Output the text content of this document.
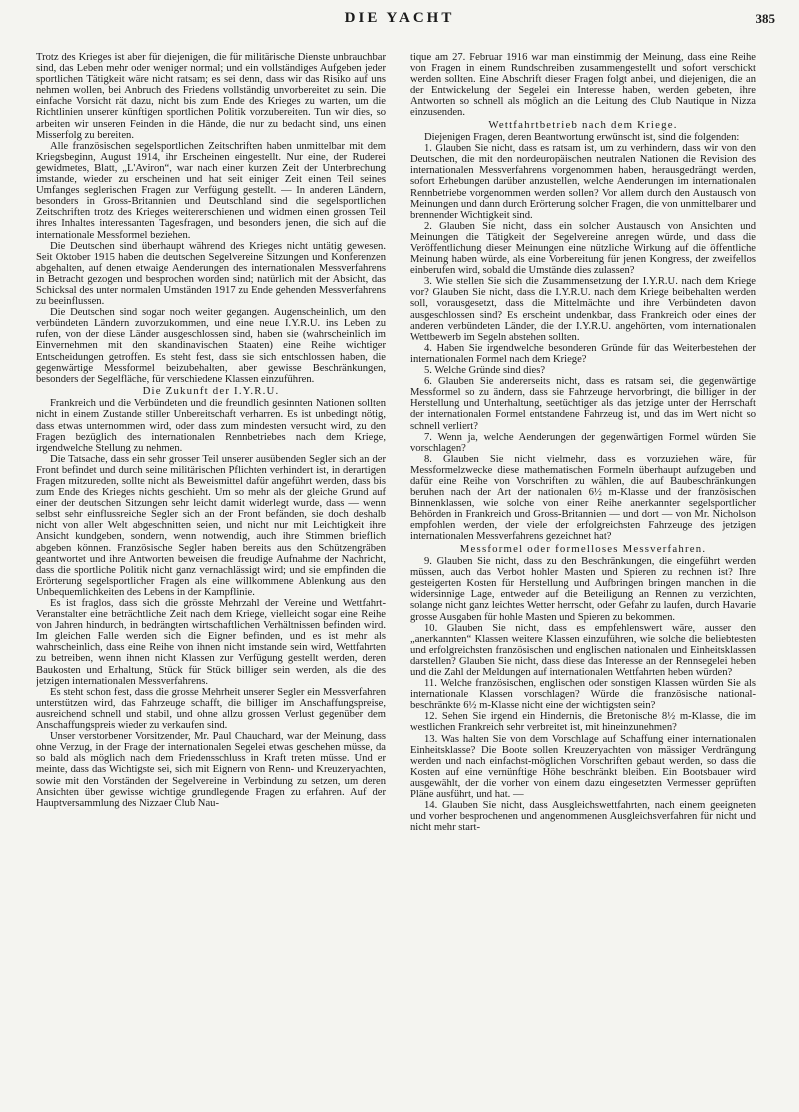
DIE YACHT	385

Trotz des Krieges ist aber für diejenigen, die für militärische Dienste unbrauchbar sind, das Leben mehr oder weniger normal; und ein vollständiges Aufgeben jeder sportlichen Tätigkeit wäre nicht ratsam; es sei denn, dass wir das Risiko auf uns nehmen wollen, bei Anbruch des Friedens vollständig unvorbereitet zu sein. Die einfache Vorsicht rät dazu, nicht bis zum Ende des Krieges zu warten, um die Richtlinien unserer künftigen sportlichen Politik vorzubereiten. Tun wir dies, so arbeiten wir unseren Feinden in die Hände, die nur zu bedacht sind, uns einen Misserfolg zu bereiten.

Alle französischen segelsportlichen Zeitschriften haben unmittelbar mit dem Kriegsbeginn, August 1914, ihr Erscheinen eingestellt. Nur eine, der Ruderei gewidmetes, Blatt, „L'Aviron“, war nach einer kurzen Zeit der Unterbrechung imstande, wieder zu erscheinen und hat seit einiger Zeit einen Teil seines Umfanges seglerischen Fragen zur Verfügung gestellt. — In anderen Ländern, besonders in Gross-Britannien und Deutschland sind die segelsportlichen Zeitschriften trotz des Krieges weitererschienen und widmen einen grossen Teil ihres Inhaltes interessanten Tagesfragen, und besonders jenen, die sich auf die internationale Messformel beziehen.

Die Deutschen sind überhaupt während des Krieges nicht untätig gewesen. Seit Oktober 1915 haben die deutschen Segelvereine Sitzungen und Konferenzen abgehalten, auf denen etwaige Aenderungen des internationalen Messverfahrens in Betracht gezogen und besprochen worden sind; natürlich mit der Absicht, das Schicksal des unter normalen Umständen 1917 zu Ende gehenden Messverfahrens zu beeinflussen.

Die Deutschen sind sogar noch weiter gegangen. Augenscheinlich, um den verbündeten Ländern zuvorzukommen, und eine neue I.Y.R.U. ins Leben zu rufen, von der diese Länder ausgeschlossen sind, haben sie (wahrscheinlich im Einvernehmen mit den skandinavischen Staaten) eine Reihe wichtiger Entscheidungen getroffen. Es steht fest, dass sie sich entschlossen haben, die gegenwärtige Messformel beizubehalten, aber gewisse Beschränkungen, besonders der Segelfläche, für verschiedene Klassen einzuführen.

Die Zukunft der I.Y.R.U.

Frankreich und die Verbündeten und die freundlich gesinnten Nationen sollten nicht in einem Zustande stiller Unbereitschaft verharren. Es ist unbedingt nötig, dass etwas unternommen wird, oder dass zum mindesten versucht wird, zu den Fragen bezüglich des internationalen Rennbetriebes nach dem Kriege, irgendwelche Stellung zu nehmen.

Die Tatsache, dass ein sehr grosser Teil unserer ausübenden Segler sich an der Front befindet und durch seine militärischen Pflichten verhindert ist, in derartigen Fragen mitzureden, sollte nicht als Beweismittel dafür angeführt werden, dass bis zum Ende des Krieges nichts geschieht. Um so mehr als der gleiche Grund auf einer der deutschen Sitzungen sehr leicht damit widerlegt wurde, dass — wenn selbst sehr einflussreiche Segler sich an der Front befänden, sie doch deshalb nicht von aller Welt abgeschnitten seien, und nicht nur mit Leichtigkeit ihre Ansicht kundgeben, sondern, wenn notwendig, auch ihre Stimmen brieflich abgeben können. Französische Segler haben bereits aus den Schützengräben geantwortet und ihre Antworten beweisen die freudige Aufnahme der Nachricht, dass die sportliche Politik nicht ganz vernachlässigt wird; und sie empfinden die Erörterung segelsportlicher Fragen als eine willkommene Ablenkung aus den Unbequemlichkeiten des Lebens in der Kampflinie.

Es ist fraglos, dass sich die grösste Mehrzahl der Vereine und Wettfahrt-Veranstalter eine beträchtliche Zeit nach dem Kriege, vielleicht sogar eine Reihe von Jahren hindurch, in bedrängten wirtschaftlichen Verhältnissen befinden wird. Im gleichen Falle werden sich die Eigner befinden, und es ist mehr als wahrscheinlich, dass eine Reihe von ihnen nicht imstande sein wird, Wettfahrten zu betreiben, wenn ihnen nicht Klassen zur Verfügung gestellt werden, deren Baukosten und Erhaltung, Stück für Stück billiger sein werden, als die des jetzigen internationalen Messverfahrens.

Es steht schon fest, dass die grosse Mehrheit unserer Segler ein Messverfahren unterstützen wird, das Fahrzeuge schafft, die billiger im Anschaffungspreise, ausreichend schnell und stabil, und ohne allzu grossen Verlust gegenüber dem Anschaffungspreis wieder zu verkaufen sind.

Unser verstorbener Vorsitzender, Mr. Paul Chauchard, war der Meinung, dass ohne Verzug, in der Frage der internationalen Segelei etwas geschehen müsse, da so bald als möglich nach dem Friedensschluss in Kraft treten müsse. Und er meinte, dass das Wichtigste sei, sich mit Eignern von Renn- und Kreuzeryachten, sowie mit den Vorständen der Segelvereine in Verbindung zu setzen, um deren Ansichten über gewisse wichtige grundlegende Fragen zu erfahren. Auf der Hauptversammlung des Nizzaer Club Nau-

tique am 27. Februar 1916 war man einstimmig der Meinung, dass eine Reihe von Fragen in einem Rundschreiben zusammengestellt und sofort verschickt werden sollten. Eine Abschrift dieser Fragen folgt anbei, und diejenigen, die an der Entwickelung der Segelei ein Interesse haben, werden gebeten, ihre Antworten so schnell als möglich an die Leitung des Club Nautique in Nizza einzusenden.

Wettfahrtbetrieb nach dem Kriege.

Diejenigen Fragen, deren Beantwortung erwünscht ist, sind die folgenden:

1. Glauben Sie nicht, dass es ratsam ist, um zu verhindern, dass wir von den Deutschen, die mit den nordeuropäischen neutralen Nationen die Revision des internationalen Messverfahrens vorgenommen haben, herausgedrängt werden, sofort Erhebungen darüber anzustellen, welche Aenderungen im internationalen Rennbetriebe vorgenommen werden sollen? Vor allem durch den Austausch von Meinungen und dann durch Erörterung solcher Fragen, die von unmittelbarer und brennender Wichtigkeit sind.

2. Glauben Sie nicht, dass ein solcher Austausch von Ansichten und Meinungen die Tätigkeit der Segelvereine anregen würde, und dass die Veröffentlichung dieser Meinungen eine nützliche Wirkung auf die öffentliche Meinung haben würde, als eine Vorbereitung für jenen Kongress, der zweifellos einberufen wird, sobald die Umstände dies zulassen?

3. Wie stellen Sie sich die Zusammensetzung der I.Y.R.U. nach dem Kriege vor? Glauben Sie nicht, dass die I.Y.R.U. nach dem Kriege beibehalten werden soll, vorausgesetzt, dass die Mittelmächte und ihre Verbündeten davon ausgeschlossen sind? Es erscheint undenkbar, dass Frankreich oder eines der anderen verbündeten Länder, die der I.Y.R.U. angehörten, vom internationalen Wettbewerb im Segeln abstehen sollten.

4. Haben Sie irgendwelche besonderen Gründe für das Weiterbestehen der internationalen Formel nach dem Kriege?

5. Welche Gründe sind dies?

6. Glauben Sie andererseits nicht, dass es ratsam sei, die gegenwärtige Messformel so zu ändern, dass sie Fahrzeuge hervorbringt, die billiger in der Herstellung und Unterhaltung, seetüchtiger als das jetzige unter der Herrschaft der internationalen Formel entstandene Fahrzeug ist, und das im Wert nicht so schnell verliert?

7. Wenn ja, welche Aenderungen der gegenwärtigen Formel würden Sie vorschlagen?

8. Glauben Sie nicht vielmehr, dass es vorzuziehen wäre, für Messformelzwecke diese mathematischen Formeln überhaupt aufzugeben und dafür eine Reihe von Vorschriften zu wählen, die auf Baubeschränkungen beruhen nach der Art der nationalen 6½ m-Klasse und der französischen Binnenklassen, wie solche von einer Reihe anerkannter segelsportlicher Behörden in Frankreich und Gross-Britannien — und dort — von Mr. Nicholson empfohlen werden, der viele der erfolgreichsten Fahrzeuge des jetzigen internationalen Messverfahrens gezeichnet hat?

Messformel oder formelloses Messverfahren.

9. Glauben Sie nicht, dass zu den Beschränkungen, die eingeführt werden müssen, auch das Verbot hohler Masten und Spieren zu rechnen ist? Ihre gesteigerten Kosten für Herstellung und Aufbringen bringen manchen in die widersinnige Lage, entweder auf die Beteiligung an Rennen zu verzichten, solange nicht ganz leichtes Wetter herrscht, oder Gefahr zu laufen, durch Havarie grosse Ausgaben für hohle Masten und Spieren zu bekommen.

10. Glauben Sie nicht, dass es empfehlenswert wäre, ausser den „anerkannten“ Klassen weitere Klassen einzuführen, wie solche die beliebtesten und erfolgreichsten französischen und englischen nationalen und Einheitsklassen darstellen? Glauben Sie nicht, dass diese das Interesse an der Rennsegelei heben und die Zahl der Meldungen auf internationalen Wettfahrten heben würden?

11. Welche französischen, englischen oder sonstigen Klassen würden Sie als internationale Klassen vorschlagen? Würde die französische national-beschränkte 6½ m-Klasse nicht eine der wichtigsten sein?

12. Sehen Sie irgend ein Hindernis, die Bretonische 8½ m-Klasse, die im westlichen Frankreich sehr verbreitet ist, mit hineinzunehmen?

13. Was halten Sie von dem Vorschlage auf Schaffung einer internationalen Einheitsklasse? Die Boote sollen Kreuzeryachten von mässiger Verdrängung werden und nach einfachst-möglichen Vorschriften gebaut werden, so dass die Kosten auf eine vernünftige Höhe beschränkt bleiben. Ein Bootsbauer wird ausgewählt, der die vorher von einem dazu eingesetzten Vermesser geprüften Pläne ausführt, und hat. —

14. Glauben Sie nicht, dass Ausgleichswettfahrten, nach einem geeigneten und vorher besprochenen und angenommenen Ausgleichsverfahren für nicht und nicht mehr start-
